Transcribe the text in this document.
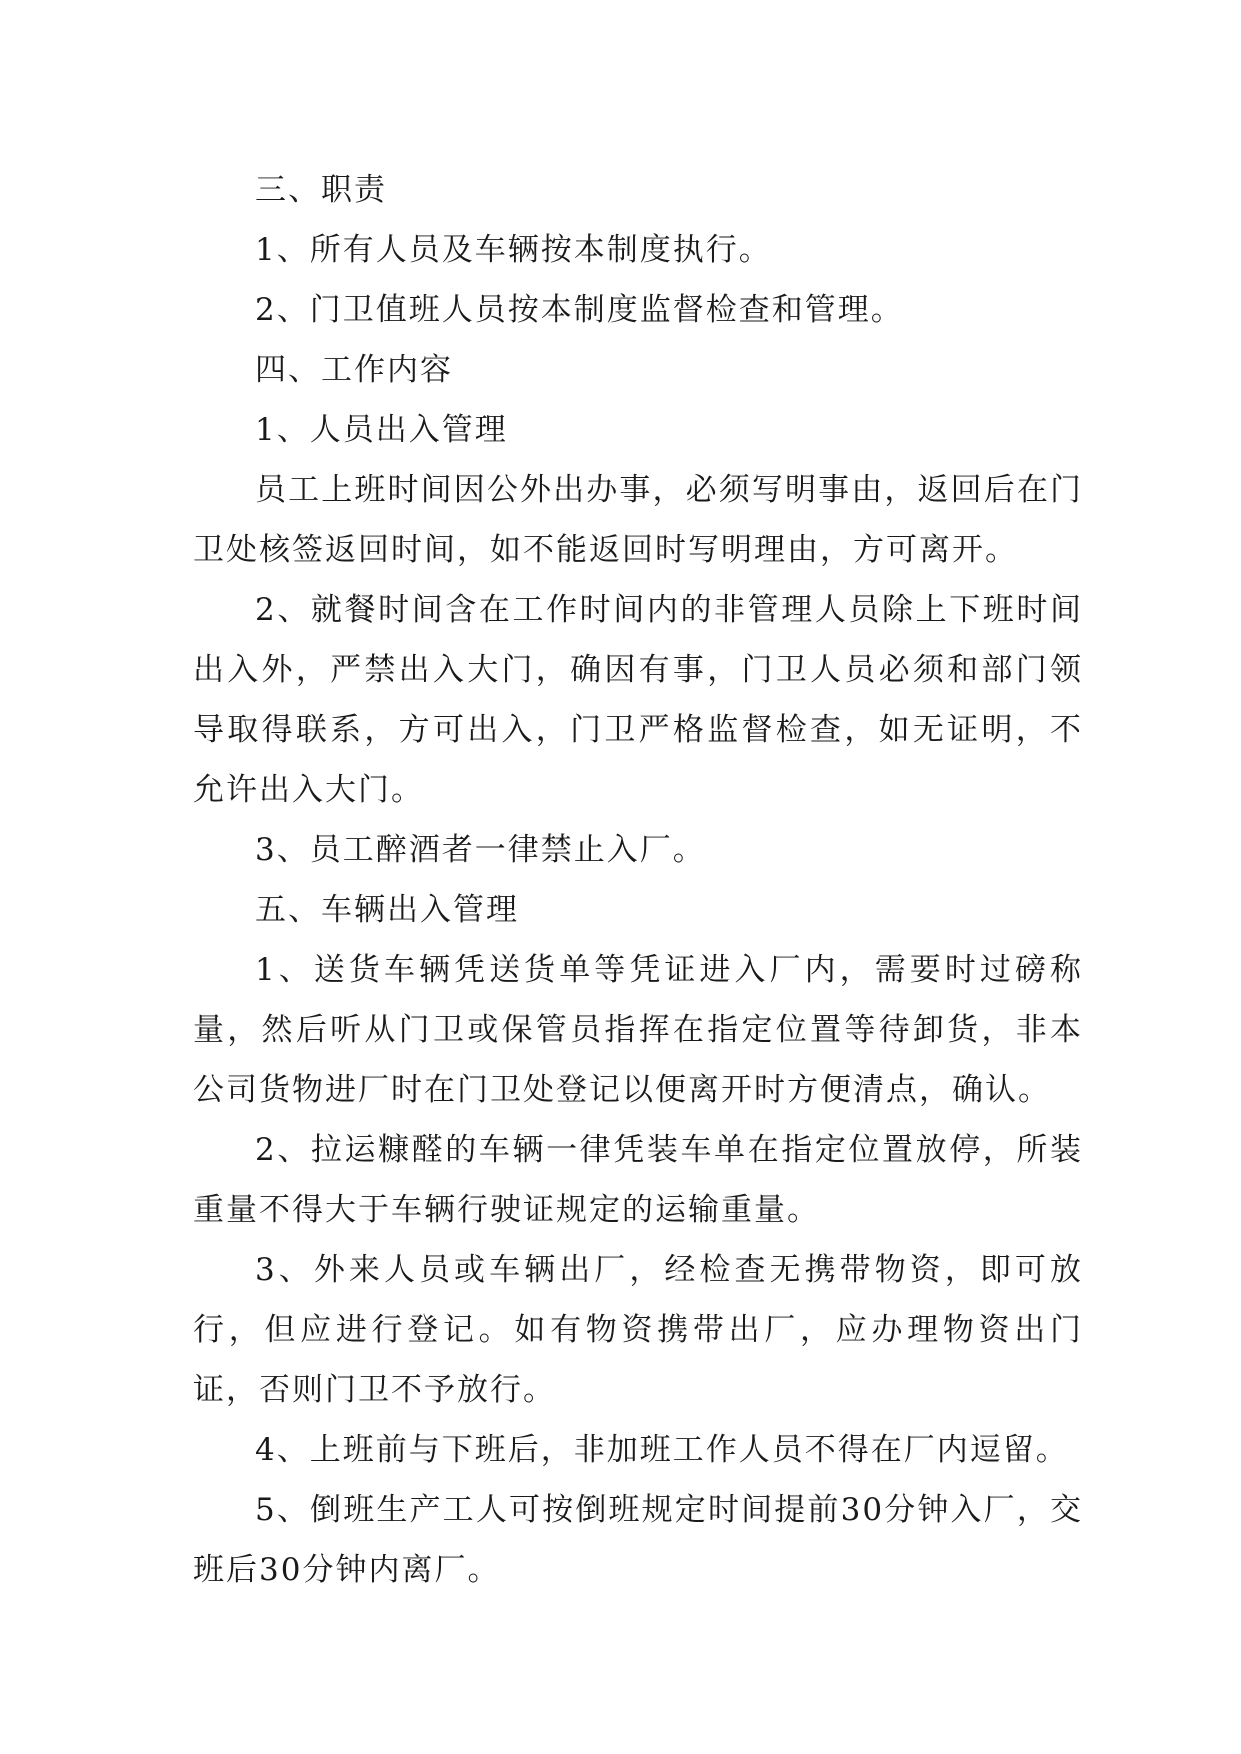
三、职责

1、所有人员及车辆按本制度执行。

2、门卫值班人员按本制度监督检查和管理。

四、工作内容

1、人员出入管理

员工上班时间因公外出办事，必须写明事由，返回后在门卫处核签返回时间，如不能返回时写明理由，方可离开。

2、就餐时间含在工作时间内的非管理人员除上下班时间出入外，严禁出入大门，确因有事，门卫人员必须和部门领导取得联系，方可出入，门卫严格监督检查，如无证明，不允许出入大门。

3、员工醉酒者一律禁止入厂。

五、车辆出入管理

1、送货车辆凭送货单等凭证进入厂内，需要时过磅称量，然后听从门卫或保管员指挥在指定位置等待卸货，非本公司货物进厂时在门卫处登记以便离开时方便清点，确认。

2、拉运糠醛的车辆一律凭装车单在指定位置放停，所装重量不得大于车辆行驶证规定的运输重量。

3、外来人员或车辆出厂，经检查无携带物资，即可放行，但应进行登记。如有物资携带出厂，应办理物资出门证，否则门卫不予放行。

4、上班前与下班后，非加班工作人员不得在厂内逗留。

5、倒班生产工人可按倒班规定时间提前30分钟入厂，交班后30分钟内离厂。
